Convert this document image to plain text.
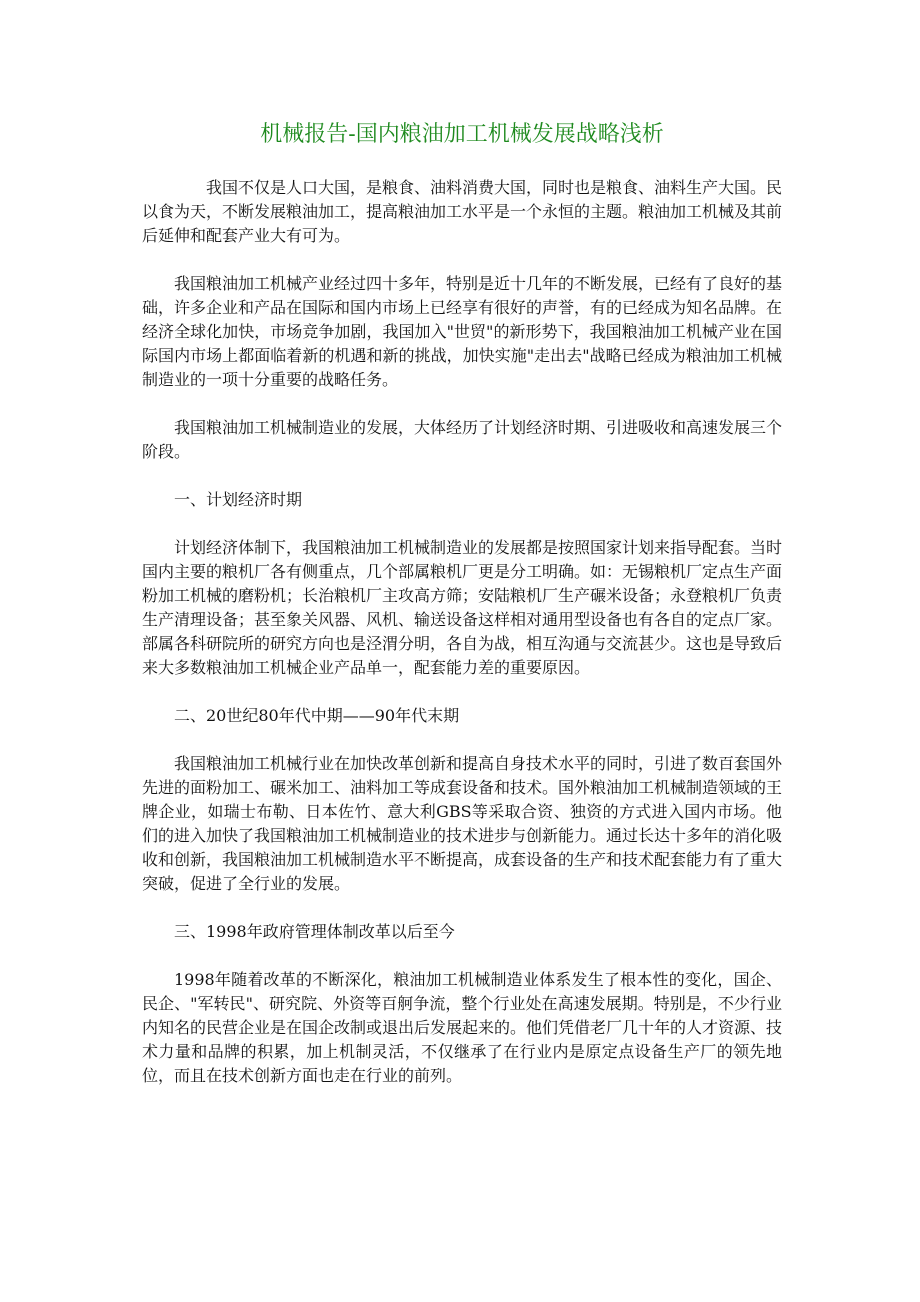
机械报告-国内粮油加工机械发展战略浅析

我国不仅是人口大国，是粮食、油料消费大国，同时也是粮食、油料生产大国。民以食为天，不断发展粮油加工，提高粮油加工水平是一个永恒的主题。粮油加工机械及其前后延伸和配套产业大有可为。

我国粮油加工机械产业经过四十多年，特别是近十几年的不断发展，已经有了良好的基础，许多企业和产品在国际和国内市场上已经享有很好的声誉，有的已经成为知名品牌。在经济全球化加快，市场竞争加剧，我国加入"世贸"的新形势下，我国粮油加工机械产业在国际国内市场上都面临着新的机遇和新的挑战，加快实施"走出去"战略已经成为粮油加工机械制造业的一项十分重要的战略任务。

我国粮油加工机械制造业的发展，大体经历了计划经济时期、引进吸收和高速发展三个阶段。

一、计划经济时期

计划经济体制下，我国粮油加工机械制造业的发展都是按照国家计划来指导配套。当时国内主要的粮机厂各有侧重点，几个部属粮机厂更是分工明确。如：无锡粮机厂定点生产面粉加工机械的磨粉机；长治粮机厂主攻高方筛；安陆粮机厂生产碾米设备；永登粮机厂负责生产清理设备；甚至象关风器、风机、输送设备这样相对通用型设备也有各自的定点厂家。部属各科研院所的研究方向也是泾渭分明，各自为战，相互沟通与交流甚少。这也是导致后来大多数粮油加工机械企业产品单一，配套能力差的重要原因。

二、20世纪80年代中期——90年代末期

我国粮油加工机械行业在加快改革创新和提高自身技术水平的同时，引进了数百套国外先进的面粉加工、碾米加工、油料加工等成套设备和技术。国外粮油加工机械制造领域的王牌企业，如瑞士布勒、日本佐竹、意大利GBS等采取合资、独资的方式进入国内市场。他们的进入加快了我国粮油加工机械制造业的技术进步与创新能力。通过长达十多年的消化吸收和创新，我国粮油加工机械制造水平不断提高，成套设备的生产和技术配套能力有了重大突破，促进了全行业的发展。

三、1998年政府管理体制改革以后至今

1998年随着改革的不断深化，粮油加工机械制造业体系发生了根本性的变化，国企、民企、"军转民"、研究院、外资等百舸争流，整个行业处在高速发展期。特别是，不少行业内知名的民营企业是在国企改制或退出后发展起来的。他们凭借老厂几十年的人才资源、技术力量和品牌的积累，加上机制灵活，不仅继承了在行业内是原定点设备生产厂的领先地位，而且在技术创新方面也走在行业的前列。
